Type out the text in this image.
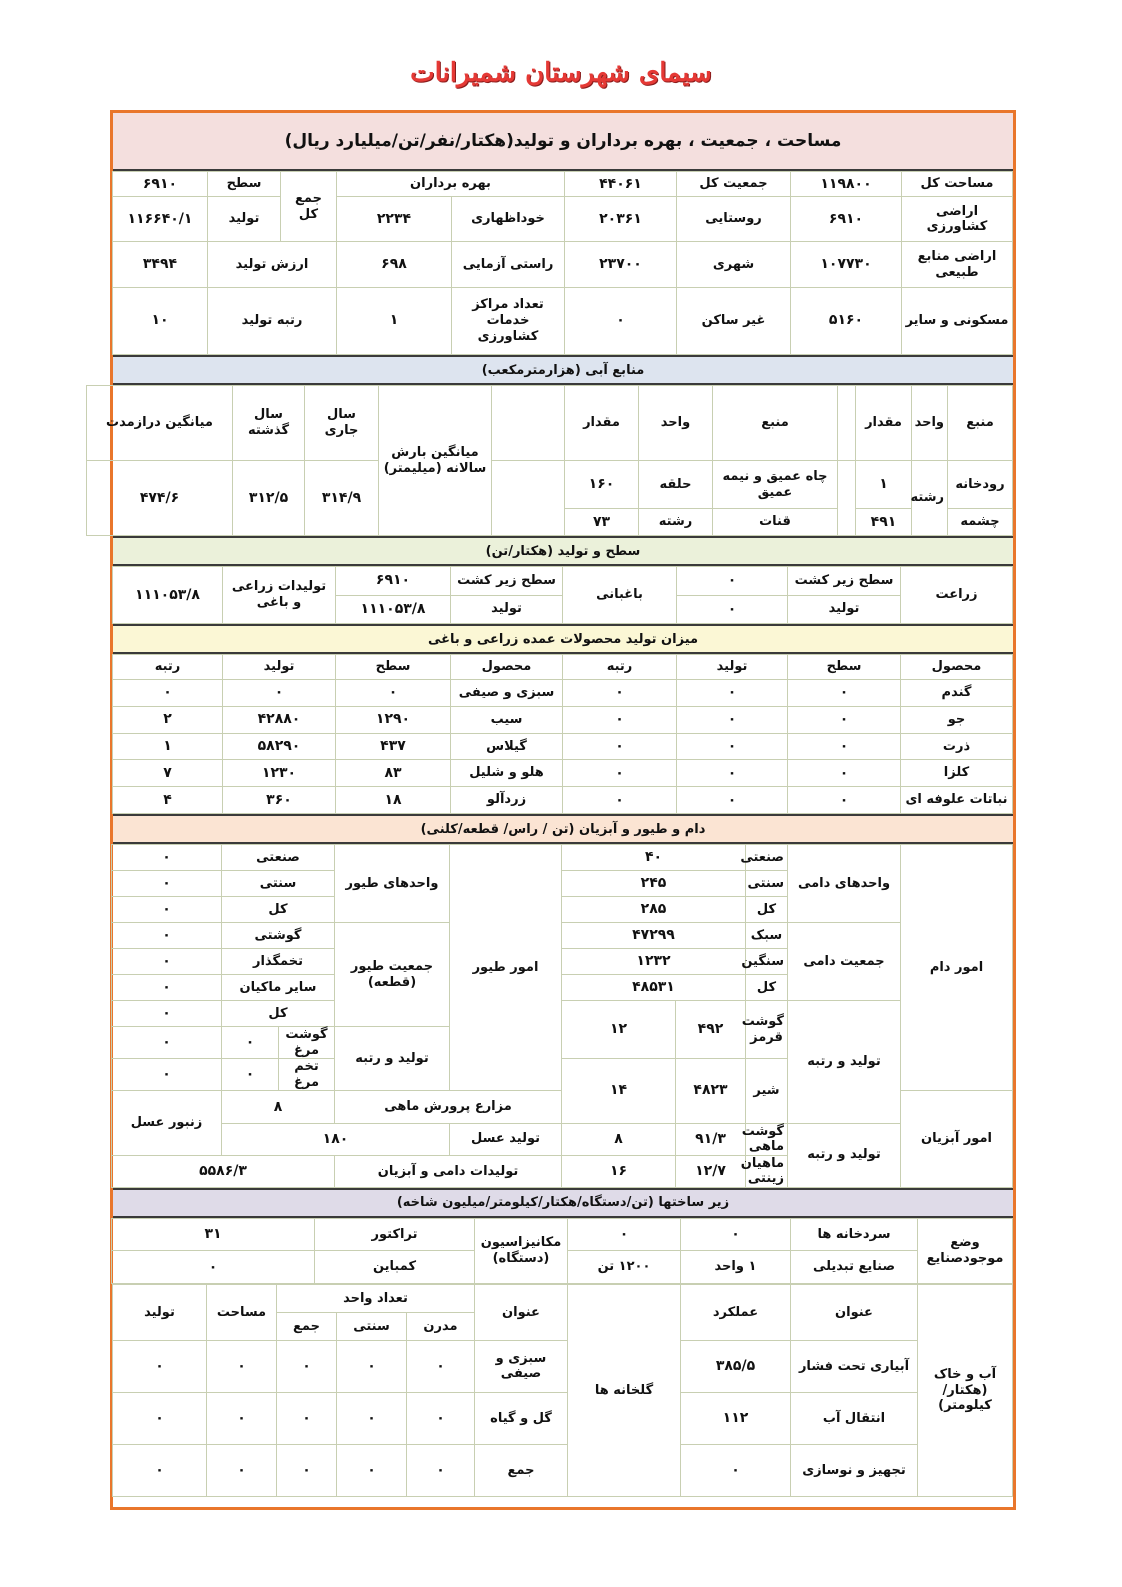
سیمای شهرستان شمیرانات
مساحت ، جمعیت ، بهره برداران و تولید(هکتار/نفر/تن/میلیارد ریال)
مساحت کل	۱۱۹۸۰۰	جمعیت کل	۴۴۰۶۱	بهره برداران		جمع کل	سطح	۶۹۱۰
اراضی کشاورزی	۶۹۱۰	روستایی	۲۰۳۶۱	خوداظهاری	۲۲۳۴		تولید	۱۱۶۶۴۰/۱
اراضی منابع طبیعی	۱۰۷۷۳۰	شهری	۲۳۷۰۰	راستی آزمایی	۶۹۸	ارزش تولید		۳۴۹۴
مسکونی و سایر	۵۱۶۰	غیر ساکن	۰	تعداد مراکز خدمات کشاورزی	۱	رتبه تولید		۱۰
منابع آبی (هزارمترمکعب)
منبع	واحد	مقدار		منبع	واحد	مقدار		میانگین بارش سالانه (میلیمتر)	سال جاری	سال گذشته	میانگین درازمدت
رودخانه	رشته	۱		چاه عمیق و نیمه عمیق	حلقه	۱۶۰			۳۱۴/۹	۳۱۲/۵	۴۷۴/۶
چشمه		۴۹۱		قنات	رشته	۷۳					
سطح و تولید (هکتار/تن)
زراعت	سطح زیر کشت	۰	باغبانی	سطح زیر کشت	۶۹۱۰	تولیدات زراعی و باغی	۱۱۱۰۵۳/۸
	تولید	۰		تولید	۱۱۱۰۵۳/۸		
میزان تولید محصولات عمده زراعی و باغی
محصول	سطح	تولید	رتبه	محصول	سطح	تولید	رتبه
گندم	۰	۰	۰	سبزی و صیفی	۰	۰	۰
جو	۰	۰	۰	سیب	۱۲۹۰	۴۲۸۸۰	۲
ذرت	۰	۰	۰	گیلاس	۴۳۷	۵۸۲۹۰	۱
کلزا	۰	۰	۰	هلو و شلیل	۸۳	۱۲۳۰	۷
نباتات علوفه ای	۰	۰	۰	زردآلو	۱۸	۳۶۰	۴
دام و طیور و آبزیان (تن / راس/ قطعه/کلنی)
امور دام	واحدهای دامی	صنعتی	۴۰		امور طیور	واحدهای طیور	صنعتی		۰	
		سنتی	۲۴۵				سنتی		۰	
		کل	۲۸۵				کل		۰	
	جمعیت دامی	سبک	۴۷۲۹۹			جمعیت طیور (قطعه)	گوشتی		۰	
		سنگین	۱۲۳۲				تخمگذار		۰	
		کل	۴۸۵۳۱				سایر ماکیان		۰	
	تولید و رتبه	گوشت قرمز	۴۹۲	۱۲			کل		۰	
						تولید و رتبه	گوشت مرغ	۰	۰	
		شیر	۴۸۲۳	۱۴			تخم مرغ	۰	۰	
امور آبزیان					مزارع پرورش ماهی		۸		زنبور عسل		
	تولید و رتبه	گوشت ماهی	۹۱/۳	۸	تولید عسل	۱۸۰				
		ماهیان زینتی	۱۲/۷	۱۶	تولیدات دامی و آبزیان		۵۵۸۶/۳			
زیر ساختها (تن/دستگاه/هکتار/کیلومتر/میلیون شاخه)
وضع موجودصنایع	سردخانه ها	۰	۰	مکانیزاسیون (دستگاه)	تراکتور	۳۱
	صنایع تبدیلی	۱ واحد	۱۲۰۰ تن		کمباین	۰
آب و خاک (هکتار/کیلومتر)	عنوان	عملکرد	گلخانه ها	عنوان	تعداد واحد			مساحت	تولید
					مدرن	سنتی	جمع		
	آبیاری تحت فشار	۳۸۵/۵		سبزی و صیفی	۰	۰	۰	۰	۰
	انتقال آب	۱۱۲		گل و گیاه	۰	۰	۰	۰	۰
	تجهیز و نوسازی	۰		جمع	۰	۰	۰	۰	۰
